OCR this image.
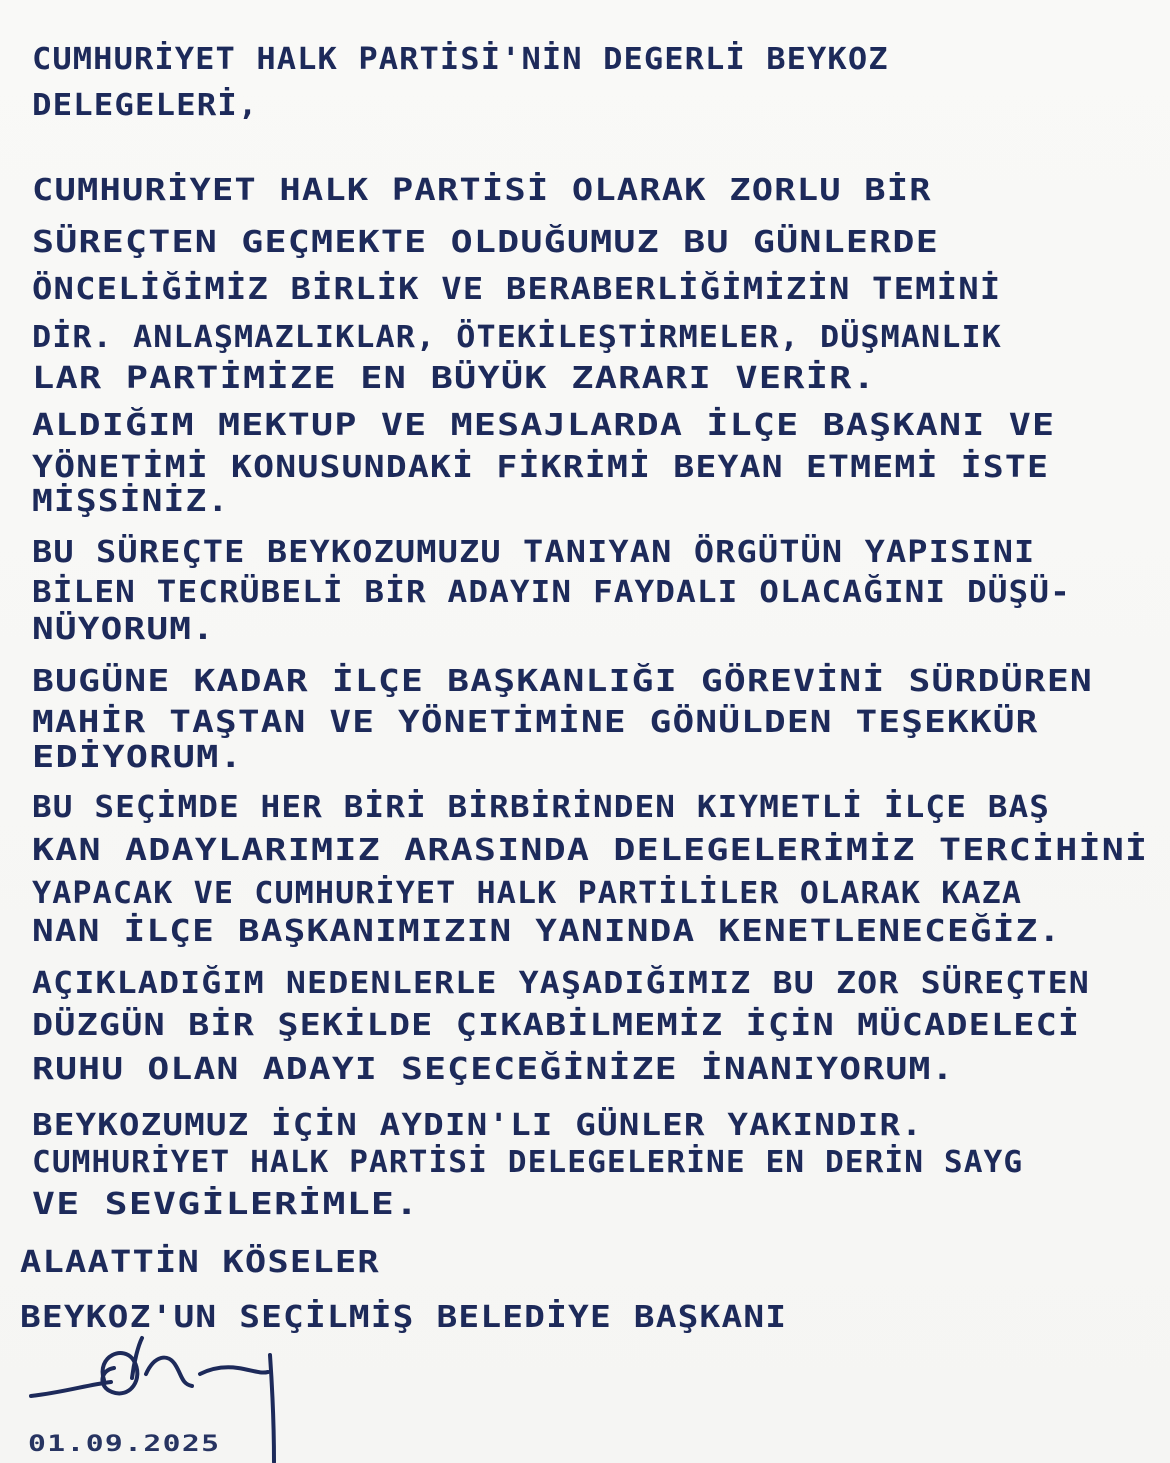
CUMHURİYET HALK PARTİSİ'NİN DEGERLİ BEYKOZ
DELEGELERİ,
CUMHURİYET HALK PARTİSİ OLARAK ZORLU BİR
SÜREÇTEN GEÇMEKTE OLDUĞUMUZ BU GÜNLERDE
ÖNCELİĞİMİZ BİRLİK VE BERABERLİĞİMİZİN TEMİNİ
DİR. ANLAŞMAZLIKLAR, ÖTEKİLEŞTİRMELER, DÜŞMANLIK
LAR PARTİMİZE EN BÜYÜK ZARARI VERİR.
ALDIĞIM MEKTUP VE MESAJLARDA İLÇE BAŞKANI VE
YÖNETİMİ KONUSUNDAKİ FİKRİMİ BEYAN ETMEMİ İSTE
MİŞSİNİZ.
BU SÜREÇTE BEYKOZUMUZU TANIYAN ÖRGÜTÜN YAPISINI
BİLEN TECRÜBELİ BİR ADAYIN FAYDALI OLACAĞINI DÜŞÜ-
NÜYORUM.
BUGÜNE KADAR İLÇE BAŞKANLIĞI GÖREVİNİ SÜRDÜREN
MAHİR TAŞTAN VE YÖNETİMİNE GÖNÜLDEN TEŞEKKÜR
EDİYORUM.
BU SEÇİMDE HER BİRİ BİRBİRİNDEN KIYMETLİ İLÇE BAŞ
KAN ADAYLARIMIZ ARASINDA DELEGELERİMİZ TERCİHİNİ
YAPACAK VE CUMHURİYET HALK PARTİLİLER OLARAK KAZA
NAN İLÇE BAŞKANIMIZIN YANINDA KENETLENECEĞİZ.
AÇIKLADIĞIM NEDENLERLE YAŞADIĞIMIZ BU ZOR SÜREÇTEN
DÜZGÜN BİR ŞEKİLDE ÇIKABİLMEMİZ İÇİN MÜCADELECİ
RUHU OLAN ADAYI SEÇECEĞİNİZE İNANIYORUM.
BEYKOZUMUZ İÇİN AYDIN'LI GÜNLER YAKINDIR.
CUMHURİYET HALK PARTİSİ DELEGELERİNE EN DERİN SAYG
VE SEVGİLERİMLE.
ALAATTİN KÖSELER
BEYKOZ'UN SEÇİLMİŞ BELEDİYE BAŞKANI
01.09.2025
